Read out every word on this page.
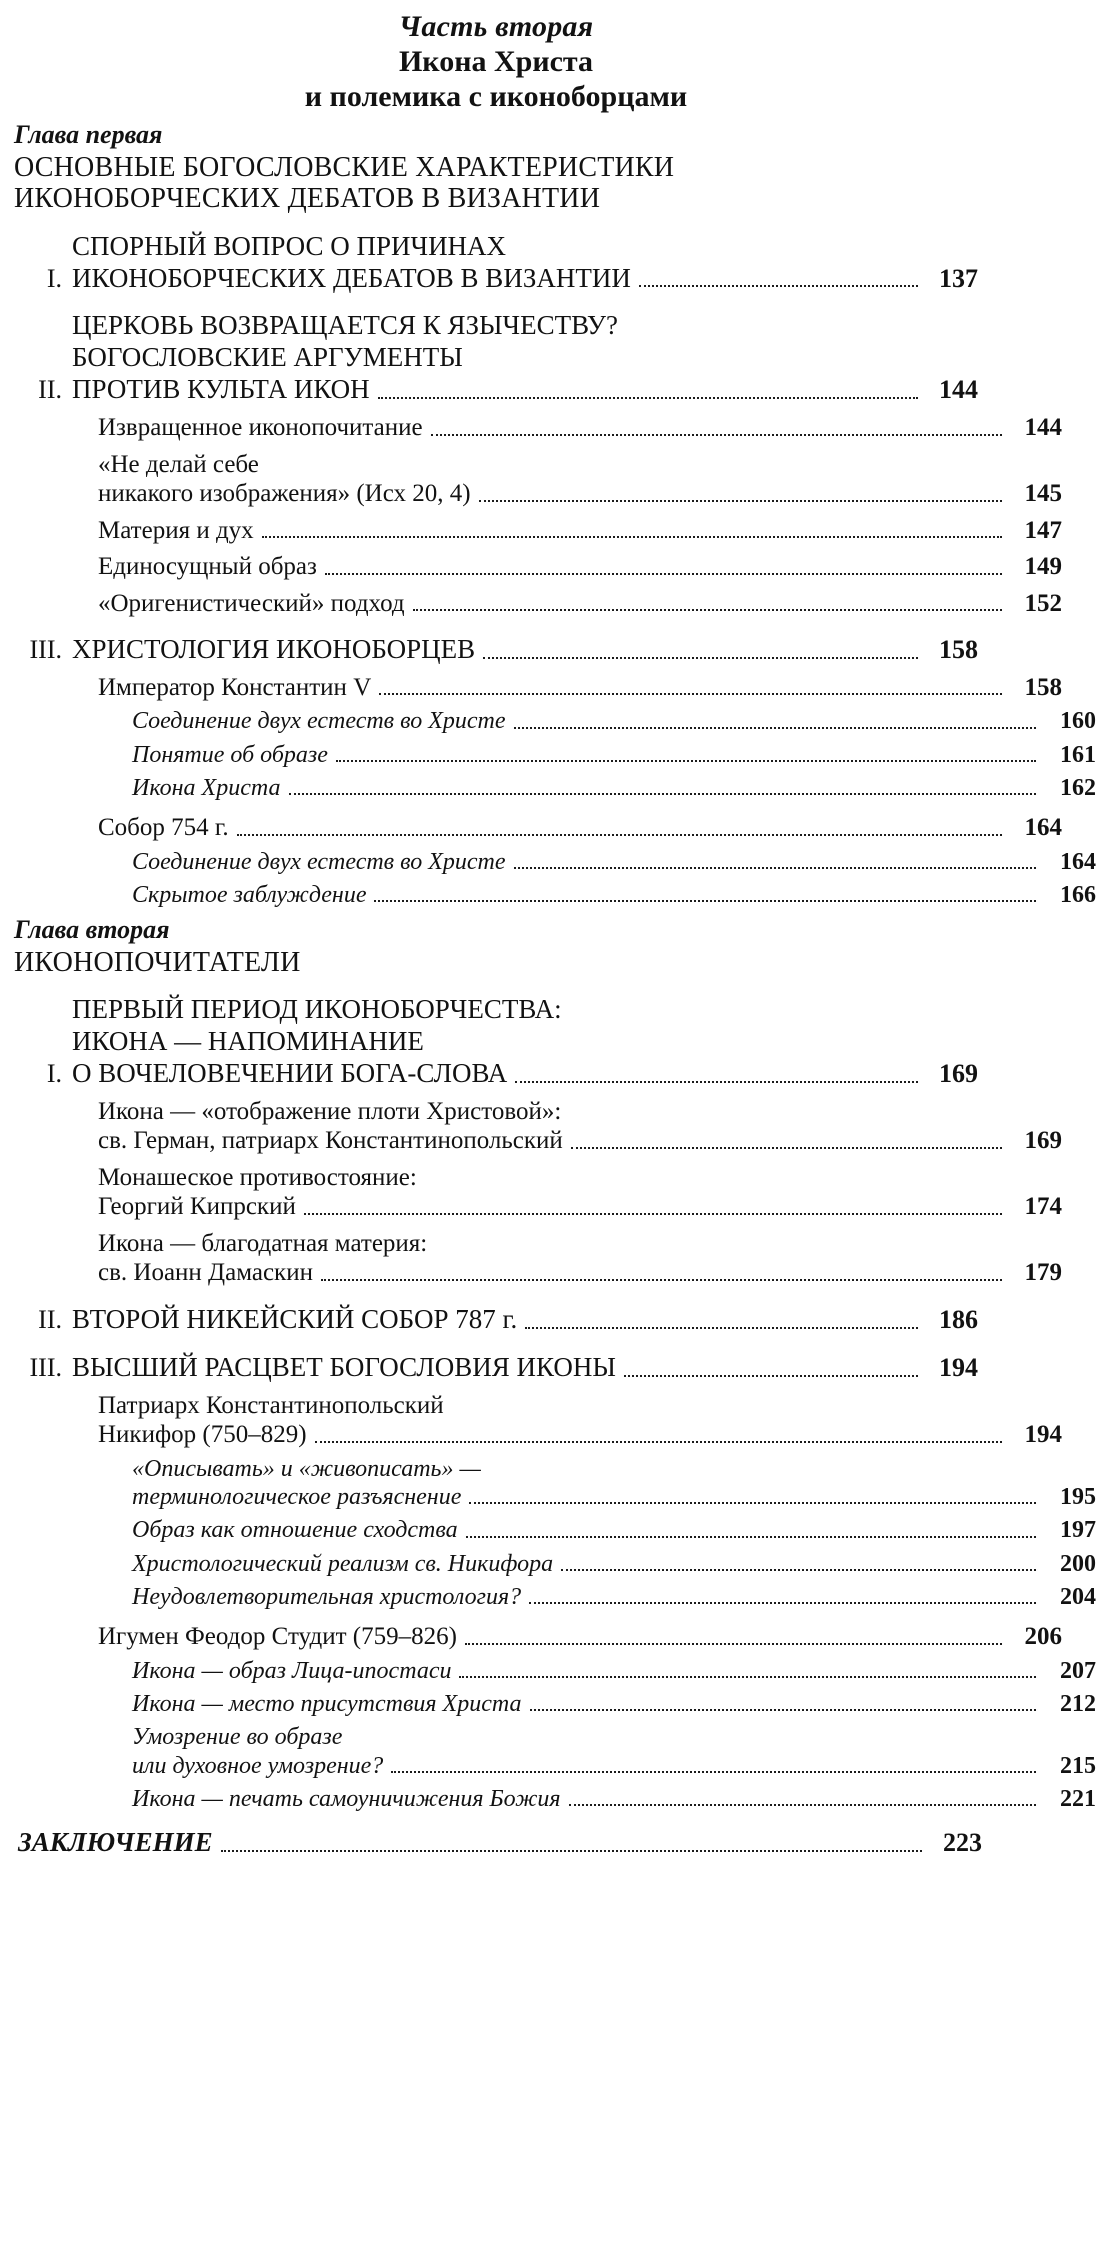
Часть вторая
Икона Христа
и полемика с иконоборцами
Глава первая
ОСНОВНЫЕ БОГОСЛОВСКИЕ ХАРАКТЕРИСТИКИ
ИКОНОБОРЧЕСКИХ ДЕБАТОВ В ВИЗАНТИИ
I.
СПОРНЫЙ ВОПРОС О ПРИЧИНАХ
ИКОНОБОРЧЕСКИХ ДЕБАТОВ В ВИЗАНТИИ	137
II.
ЦЕРКОВЬ ВОЗВРАЩАЕТСЯ К ЯЗЫЧЕСТВУ?
БОГОСЛОВСКИЕ АРГУМЕНТЫ
ПРОТИВ КУЛЬТА ИКОН	144
Извращенное иконопочитание	144
«Не делай себе
никакого изображения» (Исх 20, 4)	145
Материя и дух	147
Единосущный образ	149
«Оригенистический» подход	152
III. ХРИСТОЛОГИЯ ИКОНОБОРЦЕВ	158
Император Константин V	158
Соединение двух естеств во Христе	160
Понятие об образе	161
Икона Христа	162
Собор 754 г.	164
Соединение двух естеств во Христе	164
Скрытое заблуждение	166
Глава вторая
ИКОНОПОЧИТАТЕЛИ
I.
ПЕРВЫЙ ПЕРИОД ИКОНОБОРЧЕСТВА:
ИКОНА — НАПОМИНАНИЕ
О ВОЧЕЛОВЕЧЕНИИ БОГА-СЛОВА	169
Икона — «отображение плоти Христовой»:
св. Герман, патриарх Константинопольский	169
Монашеское противостояние:
Георгий Кипрский	174
Икона — благодатная материя:
св. Иоанн Дамаскин	179
II. ВТОРОЙ НИКЕЙСКИЙ СОБОР 787 г.	186
III. ВЫСШИЙ РАСЦВЕТ БОГОСЛОВИЯ ИКОНЫ	194
Патриарх Константинопольский
Никифор (750–829)	194
«Описывать» и «живописать» —
терминологическое разъяснение	195
Образ как отношение сходства	197
Христологический реализм св. Никифора	200
Неудовлетворительная христология?	204
Игумен Феодор Студит (759–826)	206
Икона — образ Лица-ипостаси	207
Икона — место присутствия Христа	212
Умозрение во образе
или духовное умозрение?	215
Икона — печать самоуничижения Божия	221
ЗАКЛЮЧЕНИЕ	223
